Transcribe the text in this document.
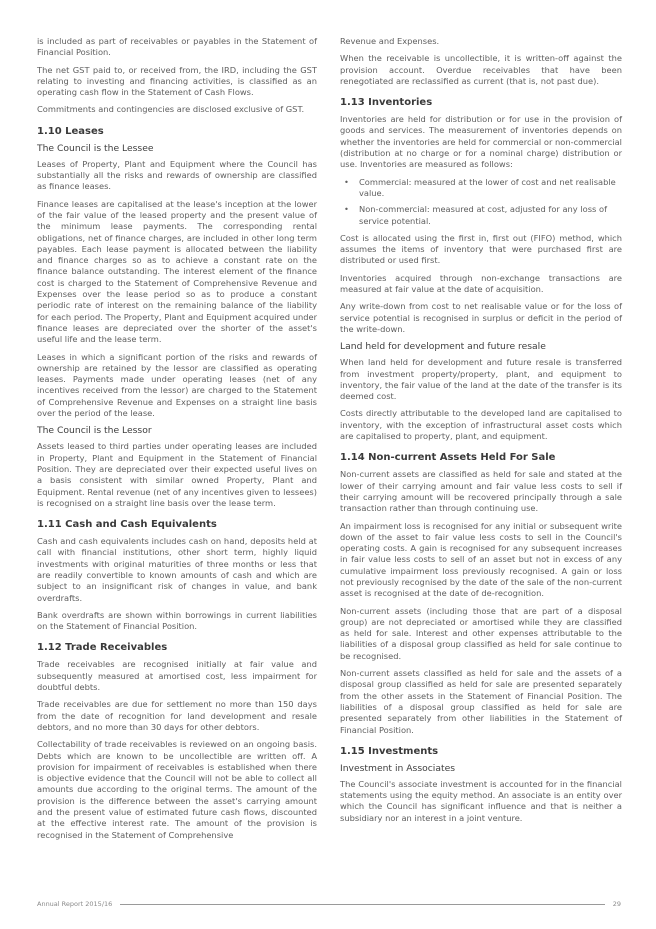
is included as part of receivables or payables in the Statement of Financial Position.

The net GST paid to, or received from, the IRD, including the GST relating to investing and financing activities, is classified as an operating cash flow in the Statement of Cash Flows.

Commitments and contingencies are disclosed exclusive of GST.

1.10 Leases
The Council is the Lessee

Leases of Property, Plant and Equipment where the Council has substantially all the risks and rewards of ownership are classified as finance leases.

Finance leases are capitalised at the lease's inception at the lower of the fair value of the leased property and the present value of the minimum lease payments. The corresponding rental obligations, net of finance charges, are included in other long term payables. Each lease payment is allocated between the liability and finance charges so as to achieve a constant rate on the finance balance outstanding. The interest element of the finance cost is charged to the Statement of Comprehensive Revenue and Expenses over the lease period so as to produce a constant periodic rate of interest on the remaining balance of the liability for each period. The Property, Plant and Equipment acquired under finance leases are depreciated over the shorter of the asset's useful life and the lease term.

Leases in which a significant portion of the risks and rewards of ownership are retained by the lessor are classified as operating leases. Payments made under operating leases (net of any incentives received from the lessor) are charged to the Statement of Comprehensive Revenue and Expenses on a straight line basis over the period of the lease.

The Council is the Lessor

Assets leased to third parties under operating leases are included in Property, Plant and Equipment in the Statement of Financial Position. They are depreciated over their expected useful lives on a basis consistent with similar owned Property, Plant and Equipment. Rental revenue (net of any incentives given to lessees) is recognised on a straight line basis over the lease term.

1.11 Cash and Cash Equivalents

Cash and cash equivalents includes cash on hand, deposits held at call with financial institutions, other short term, highly liquid investments with original maturities of three months or less that are readily convertible to known amounts of cash and which are subject to an insignificant risk of changes in value, and bank overdrafts.

Bank overdrafts are shown within borrowings in current liabilities on the Statement of Financial Position.

1.12 Trade Receivables

Trade receivables are recognised initially at fair value and subsequently measured at amortised cost, less impairment for doubtful debts.

Trade receivables are due for settlement no more than 150 days from the date of recognition for land development and resale debtors, and no more than 30 days for other debtors.

Collectability of trade receivables is reviewed on an ongoing basis. Debts which are known to be uncollectible are written off. A provision for impairment of receivables is established when there is objective evidence that the Council will not be able to collect all amounts due according to the original terms. The amount of the provision is the difference between the asset's carrying amount and the present value of estimated future cash flows, discounted at the effective interest rate. The amount of the provision is recognised in the Statement of Comprehensive

Revenue and Expenses.

When the receivable is uncollectible, it is written-off against the provision account. Overdue receivables that have been renegotiated are reclassified as current (that is, not past due).

1.13 Inventories

Inventories are held for distribution or for use in the provision of goods and services. The measurement of inventories depends on whether the inventories are held for commercial or non-commercial (distribution at no charge or for a nominal charge) distribution or use. Inventories are measured as follows:

• Commercial: measured at the lower of cost and net realisable value.
• Non-commercial: measured at cost, adjusted for any loss of service potential.

Cost is allocated using the first in, first out (FIFO) method, which assumes the items of inventory that were purchased first are distributed or used first.

Inventories acquired through non-exchange transactions are measured at fair value at the date of acquisition.

Any write-down from cost to net realisable value or for the loss of service potential is recognised in surplus or deficit in the period of the write-down.

Land held for development and future resale

When land held for development and future resale is transferred from investment property/property, plant, and equipment to inventory, the fair value of the land at the date of the transfer is its deemed cost.

Costs directly attributable to the developed land are capitalised to inventory, with the exception of infrastructural asset costs which are capitalised to property, plant, and equipment.

1.14 Non-current Assets Held For Sale

Non-current assets are classified as held for sale and stated at the lower of their carrying amount and fair value less costs to sell if their carrying amount will be recovered principally through a sale transaction rather than through continuing use.

An impairment loss is recognised for any initial or subsequent write down of the asset to fair value less costs to sell in the Council's operating costs. A gain is recognised for any subsequent increases in fair value less costs to sell of an asset but not in excess of any cumulative impairment loss previously recognised. A gain or loss not previously recognised by the date of the sale of the non-current asset is recognised at the date of de-recognition.

Non-current assets (including those that are part of a disposal group) are not depreciated or amortised while they are classified as held for sale. Interest and other expenses attributable to the liabilities of a disposal group classified as held for sale continue to be recognised.

Non-current assets classified as held for sale and the assets of a disposal group classified as held for sale are presented separately from the other assets in the Statement of Financial Position. The liabilities of a disposal group classified as held for sale are presented separately from other liabilities in the Statement of Financial Position.

1.15 Investments
Investment in Associates

The Council's associate investment is accounted for in the financial statements using the equity method. An associate is an entity over which the Council has significant influence and that is neither a subsidiary nor an interest in a joint venture.

Annual Report 2015/16	29
